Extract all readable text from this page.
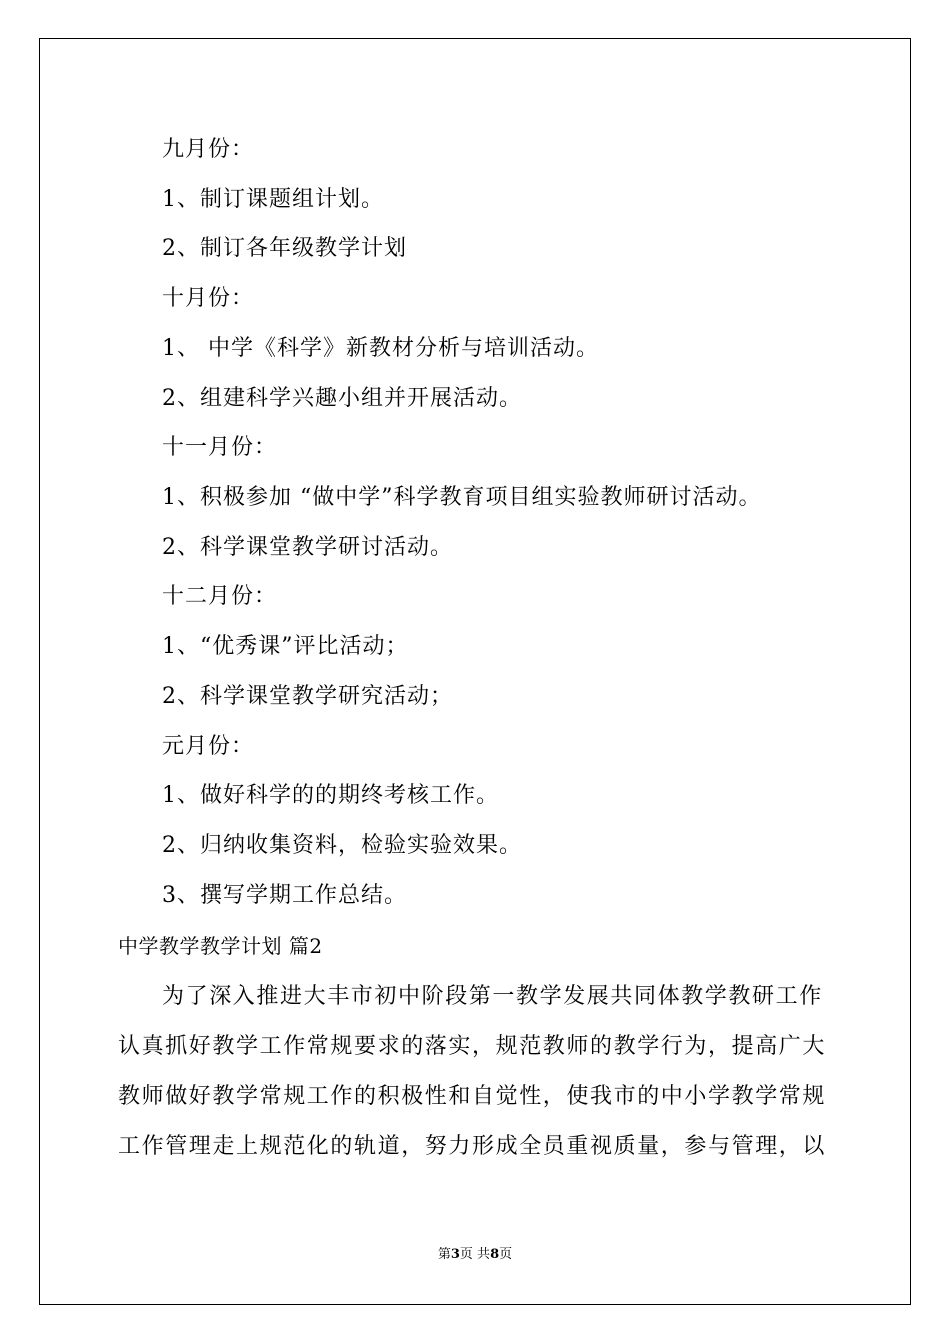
九月份：
1、制订课题组计划。
2、制订各年级教学计划
十月份：
1、 中学《科学》新教材分析与培训活动。
2、组建科学兴趣小组并开展活动。
十一月份：
1、积极参加 “做中学”科学教育项目组实验教师研讨活动。
2、科学课堂教学研讨活动。
十二月份：
1、“优秀课”评比活动；
2、科学课堂教学研究活动；
元月份：
1、做好科学的的期终考核工作。
2、归纳收集资料，检验实验效果。
3、撰写学期工作总结。
中学教学教学计划 篇2
为了深入推进大丰市初中阶段第一教学发展共同体教学教研工作
认真抓好教学工作常规要求的落实，规范教师的教学行为，提高广大
教师做好教学常规工作的积极性和自觉性，使我市的中小学教学常规
工作管理走上规范化的轨道，努力形成全员重视质量，参与管理，以
第3页 共8页
